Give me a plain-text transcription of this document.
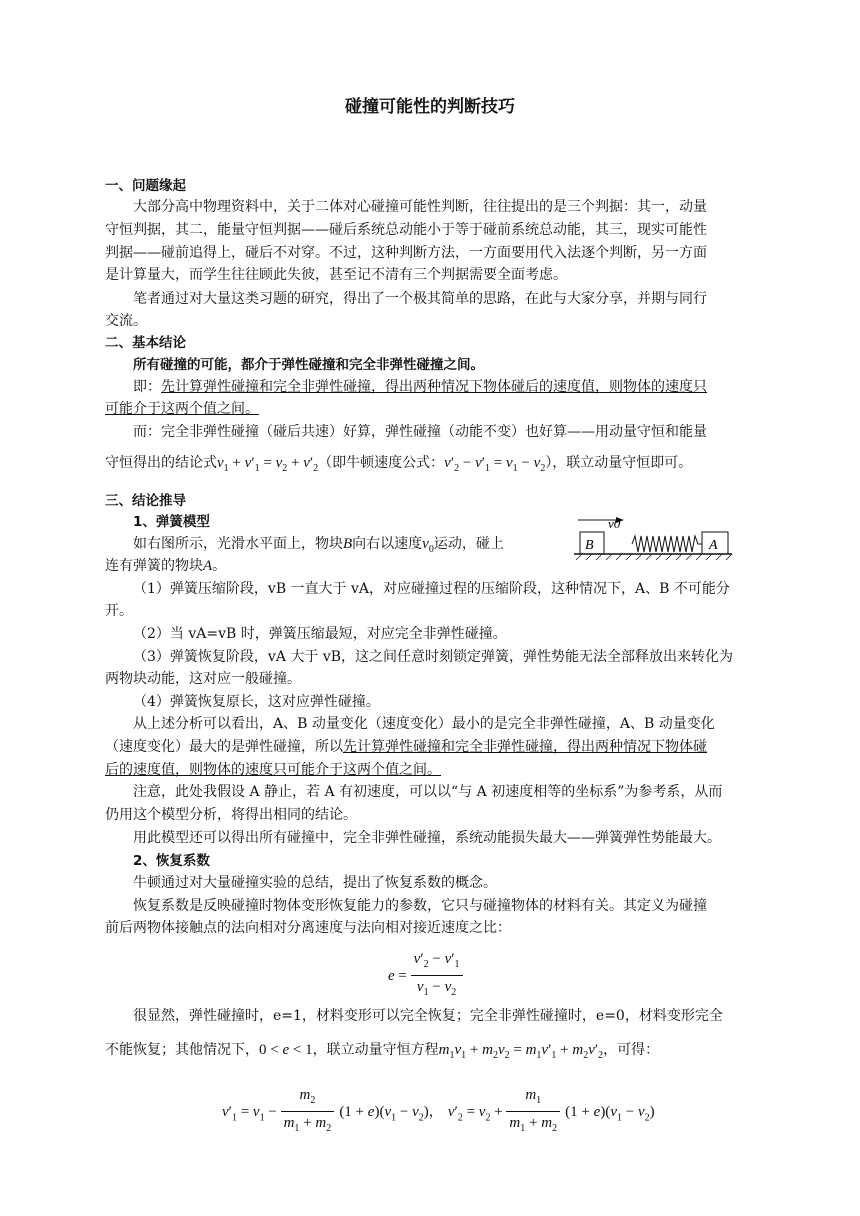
碰撞可能性的判断技巧
一、问题缘起
大部分高中物理资料中，关于二体对心碰撞可能性判断，往往提出的是三个判据：其一，动量
守恒判据，其二，能量守恒判据——碰后系统总动能小于等于碰前系统总动能，其三，现实可能性
判据——碰前追得上，碰后不对穿。不过，这种判断方法，一方面要用代入法逐个判断，另一方面
是计算量大，而学生往往顾此失彼，甚至记不清有三个判据需要全面考虑。
笔者通过对大量这类习题的研究，得出了一个极其简单的思路，在此与大家分享，并期与同行
交流。
二、基本结论
所有碰撞的可能，都介于弹性碰撞和完全非弹性碰撞之间。
即：先计算弹性碰撞和完全非弹性碰撞，得出两种情况下物体碰后的速度值，则物体的速度只
可能介于这两个值之间。
而：完全非弹性碰撞（碰后共速）好算，弹性碰撞（动能不变）也好算——用动量守恒和能量
守恒得出的结论式$v_1 + v'_1 = v_2 + v'_2$（即牛顿速度公式：$v'_2 - v'_1 = v_1 - v_2$），联立动量守恒即可。
三、结论推导
1、弹簧模型
如右图所示，光滑水平面上，物块B向右以速度$v_0$运动，碰上
连有弹簧的物块A。
v0
B	A
（1）弹簧压缩阶段，vB 一直大于 vA，对应碰撞过程的压缩阶段，这种情况下，A、B 不可能分
开。
（2）当 vA=vB 时，弹簧压缩最短，对应完全非弹性碰撞。
（3）弹簧恢复阶段，vA 大于 vB，这之间任意时刻锁定弹簧，弹性势能无法全部释放出来转化为
两物块动能，这对应一般碰撞。
（4）弹簧恢复原长，这对应弹性碰撞。
从上述分析可以看出，A、B 动量变化（速度变化）最小的是完全非弹性碰撞，A、B 动量变化
（速度变化）最大的是弹性碰撞，所以先计算弹性碰撞和完全非弹性碰撞，得出两种情况下物体碰
后的速度值，则物体的速度只可能介于这两个值之间。
注意，此处我假设 A 静止，若 A 有初速度，可以以“与 A 初速度相等的坐标系”为参考系，从而
仍用这个模型分析，将得出相同的结论。
用此模型还可以得出所有碰撞中，完全非弹性碰撞，系统动能损失最大——弹簧弹性势能最大。
2、恢复系数
牛顿通过对大量碰撞实验的总结，提出了恢复系数的概念。
恢复系数是反映碰撞时物体变形恢复能力的参数，它只与碰撞物体的材料有关。其定义为碰撞
前后两物体接触点的法向相对分离速度与法向相对接近速度之比：
$e = \frac{v'_2 - v'_1}{v_1 - v_2}$
很显然，弹性碰撞时，e=1，材料变形可以完全恢复；完全非弹性碰撞时，e=0，材料变形完全
不能恢复；其他情况下，0 < e < 1，联立动量守恒方程$m_1v_1 + m_2v_2 = m_1v'_1 + m_2v'_2$，可得：
$v'_1 = v_1 - \frac{m_2}{m_1 + m_2} (1 + e)(v_1 - v_2)$， $v'_2 = v_2 + \frac{m_1}{m_1 + m_2} (1 + e)(v_1 - v_2)$
